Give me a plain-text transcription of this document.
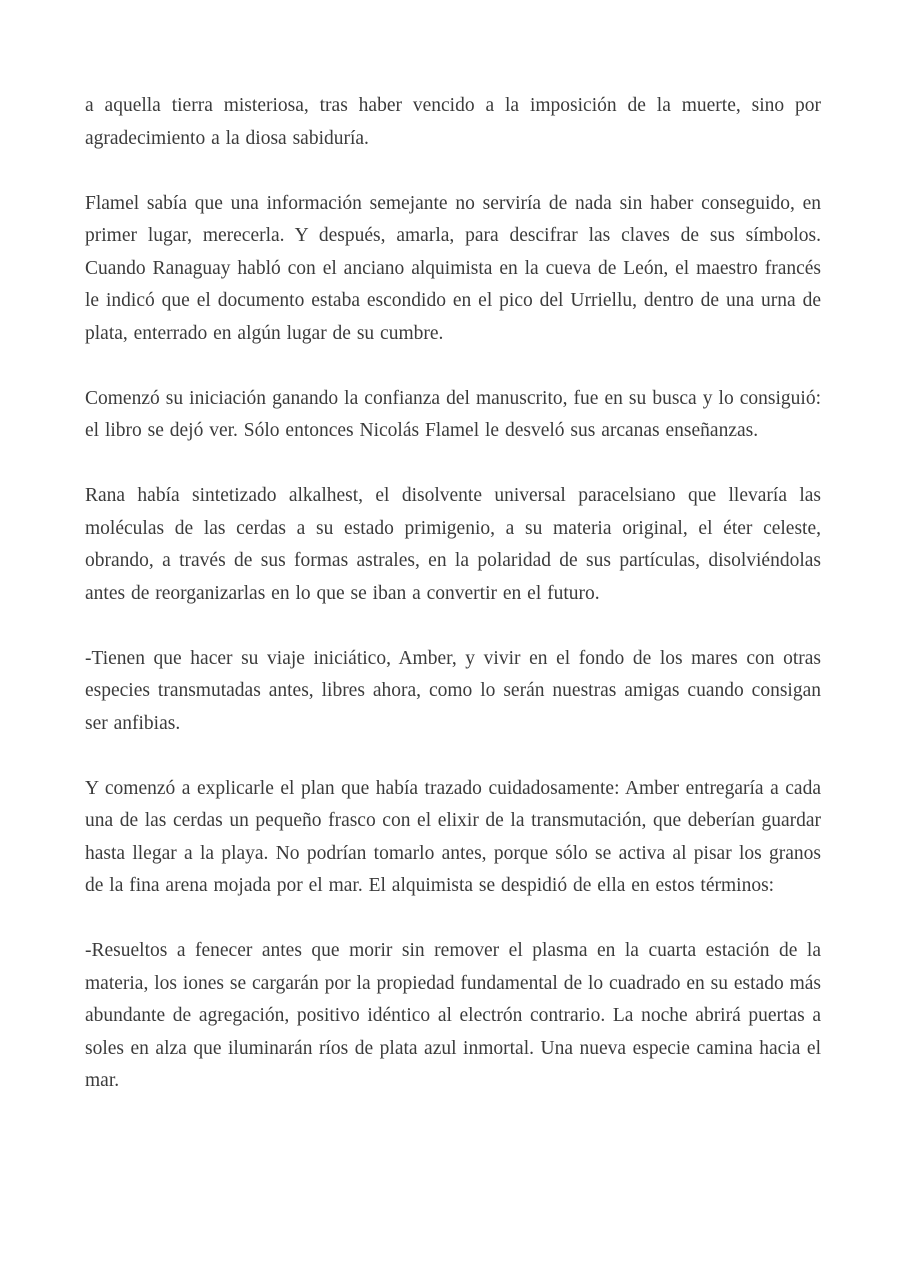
a aquella tierra misteriosa, tras haber vencido a la imposición de la muerte, sino por agradecimiento a la diosa sabiduría.

Flamel sabía que una información semejante no serviría de nada sin haber conseguido, en primer lugar, merecerla. Y después, amarla, para descifrar las claves de sus símbolos. Cuando Ranaguay habló con el anciano alquimista en la cueva de León, el maestro francés le indicó que el documento estaba escondido en el pico del Urriellu, dentro de una urna de plata, enterrado en algún lugar de su cumbre.

Comenzó su iniciación ganando la confianza del manuscrito, fue en su busca y lo consiguió: el libro se dejó ver. Sólo entonces Nicolás Flamel le desveló sus arcanas enseñanzas.

Rana había sintetizado alkalhest, el disolvente universal paracelsiano que llevaría las moléculas de las cerdas a su estado primigenio, a su materia original, el éter celeste, obrando, a través de sus formas astrales, en la polaridad de sus partículas, disolviéndolas antes de reorganizarlas en lo que se iban a convertir en el futuro.

-Tienen que hacer su viaje iniciático, Amber, y vivir en el fondo de los mares con otras especies transmutadas antes, libres ahora, como lo serán nuestras amigas cuando consigan ser anfibias.

Y comenzó a explicarle el plan que había trazado cuidadosamente: Amber entregaría a cada una de las cerdas un pequeño frasco con el elixir de la transmutación, que deberían guardar hasta llegar a la playa. No podrían tomarlo antes, porque sólo se activa al pisar los granos de la fina arena mojada por el mar. El alquimista se despidió de ella en estos términos:

-Resueltos a fenecer antes que morir sin remover el plasma en la cuarta estación de la materia, los iones se cargarán por la propiedad fundamental de lo cuadrado en su estado más abundante de agregación, positivo idéntico al electrón contrario. La noche abrirá puertas a soles en alza que iluminarán ríos de plata azul inmortal. Una nueva especie camina hacia el mar.
